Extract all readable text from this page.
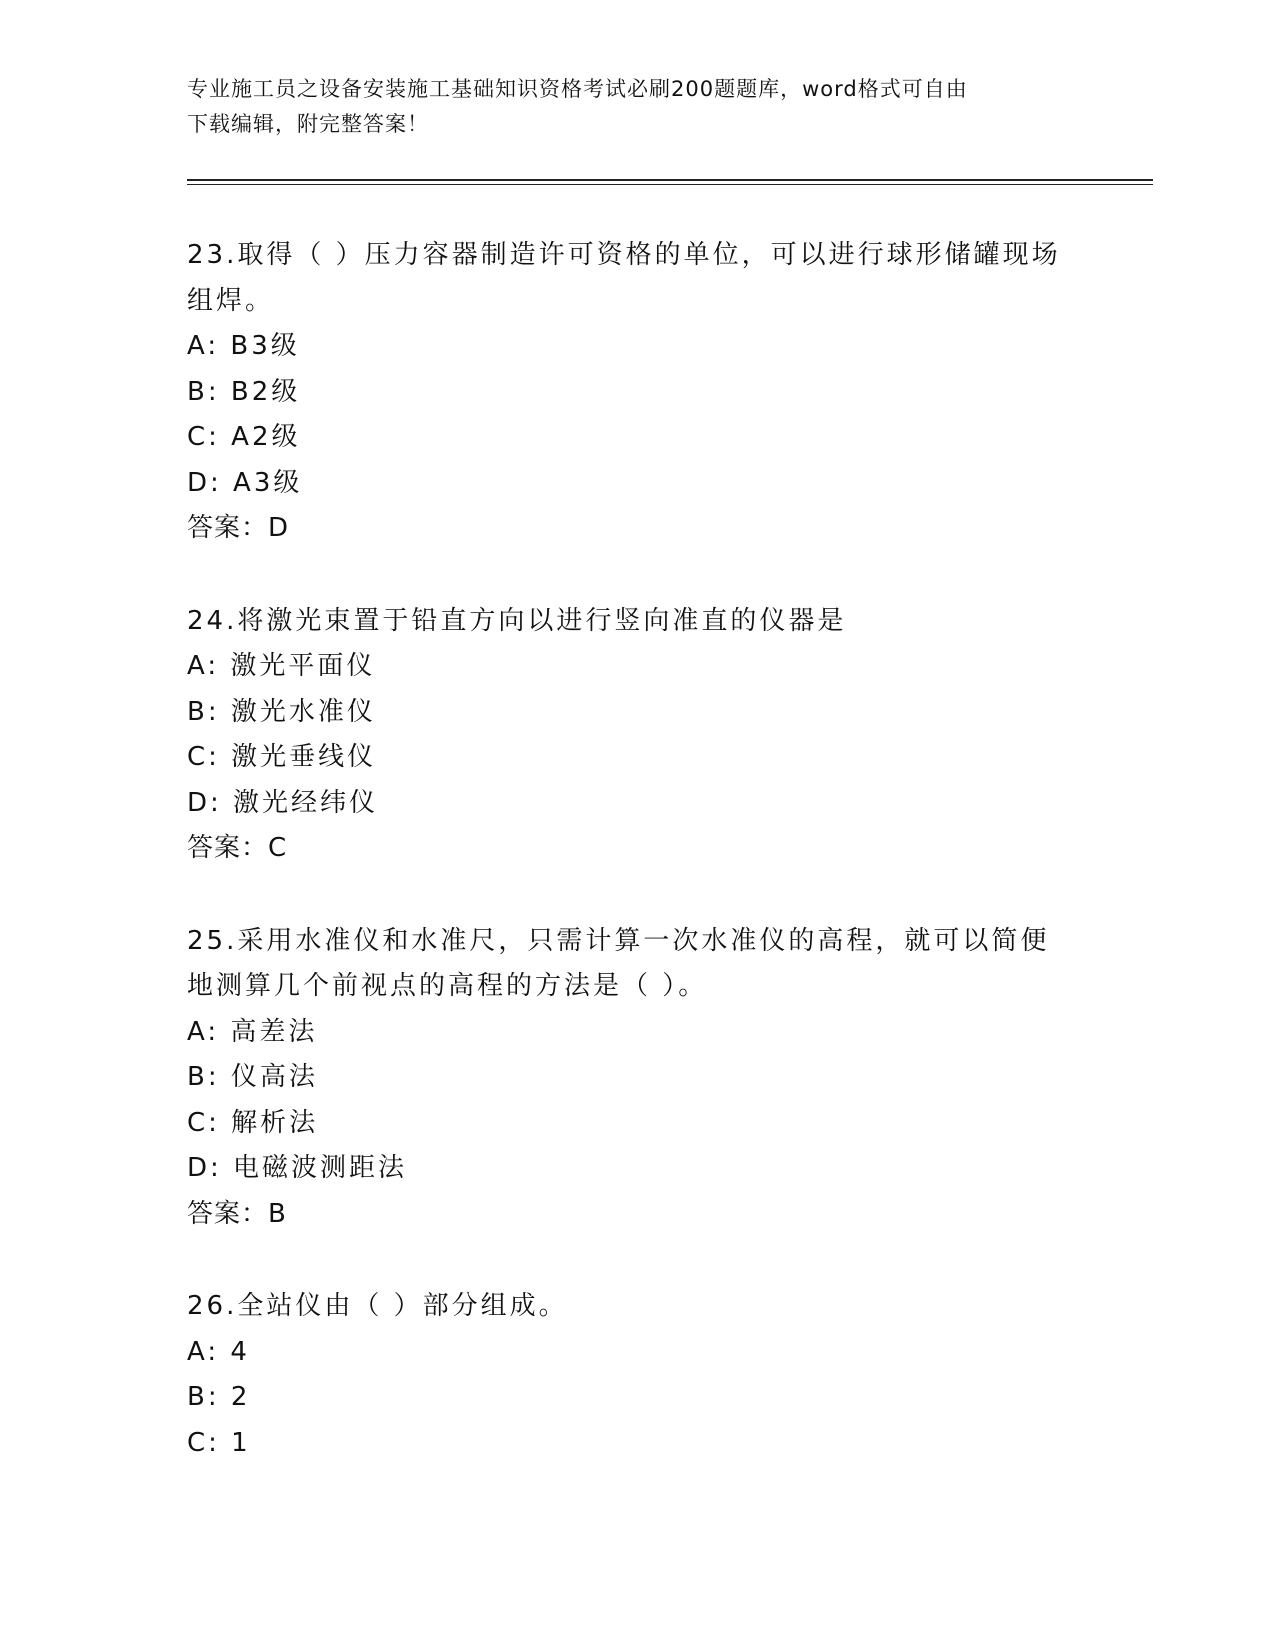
专业施工员之设备安装施工基础知识资格考试必刷200题题库，word格式可自由
下载编辑，附完整答案！
23.取得（ ）压力容器制造许可资格的单位，可以进行球形储罐现场组焊。
A: B3级
B: B2级
C: A2级
D: A3级
答案：D
24.将激光束置于铅直方向以进行竖向准直的仪器是
A: 激光平面仪
B: 激光水准仪
C: 激光垂线仪
D: 激光经纬仪
答案：C
25.采用水准仪和水准尺，只需计算一次水准仪的高程，就可以简便地测算几个前视点的高程的方法是（ ）。
A: 高差法
B: 仪高法
C: 解析法
D: 电磁波测距法
答案：B
26.全站仪由（ ）部分组成。
A: 4
B: 2
C: 1
